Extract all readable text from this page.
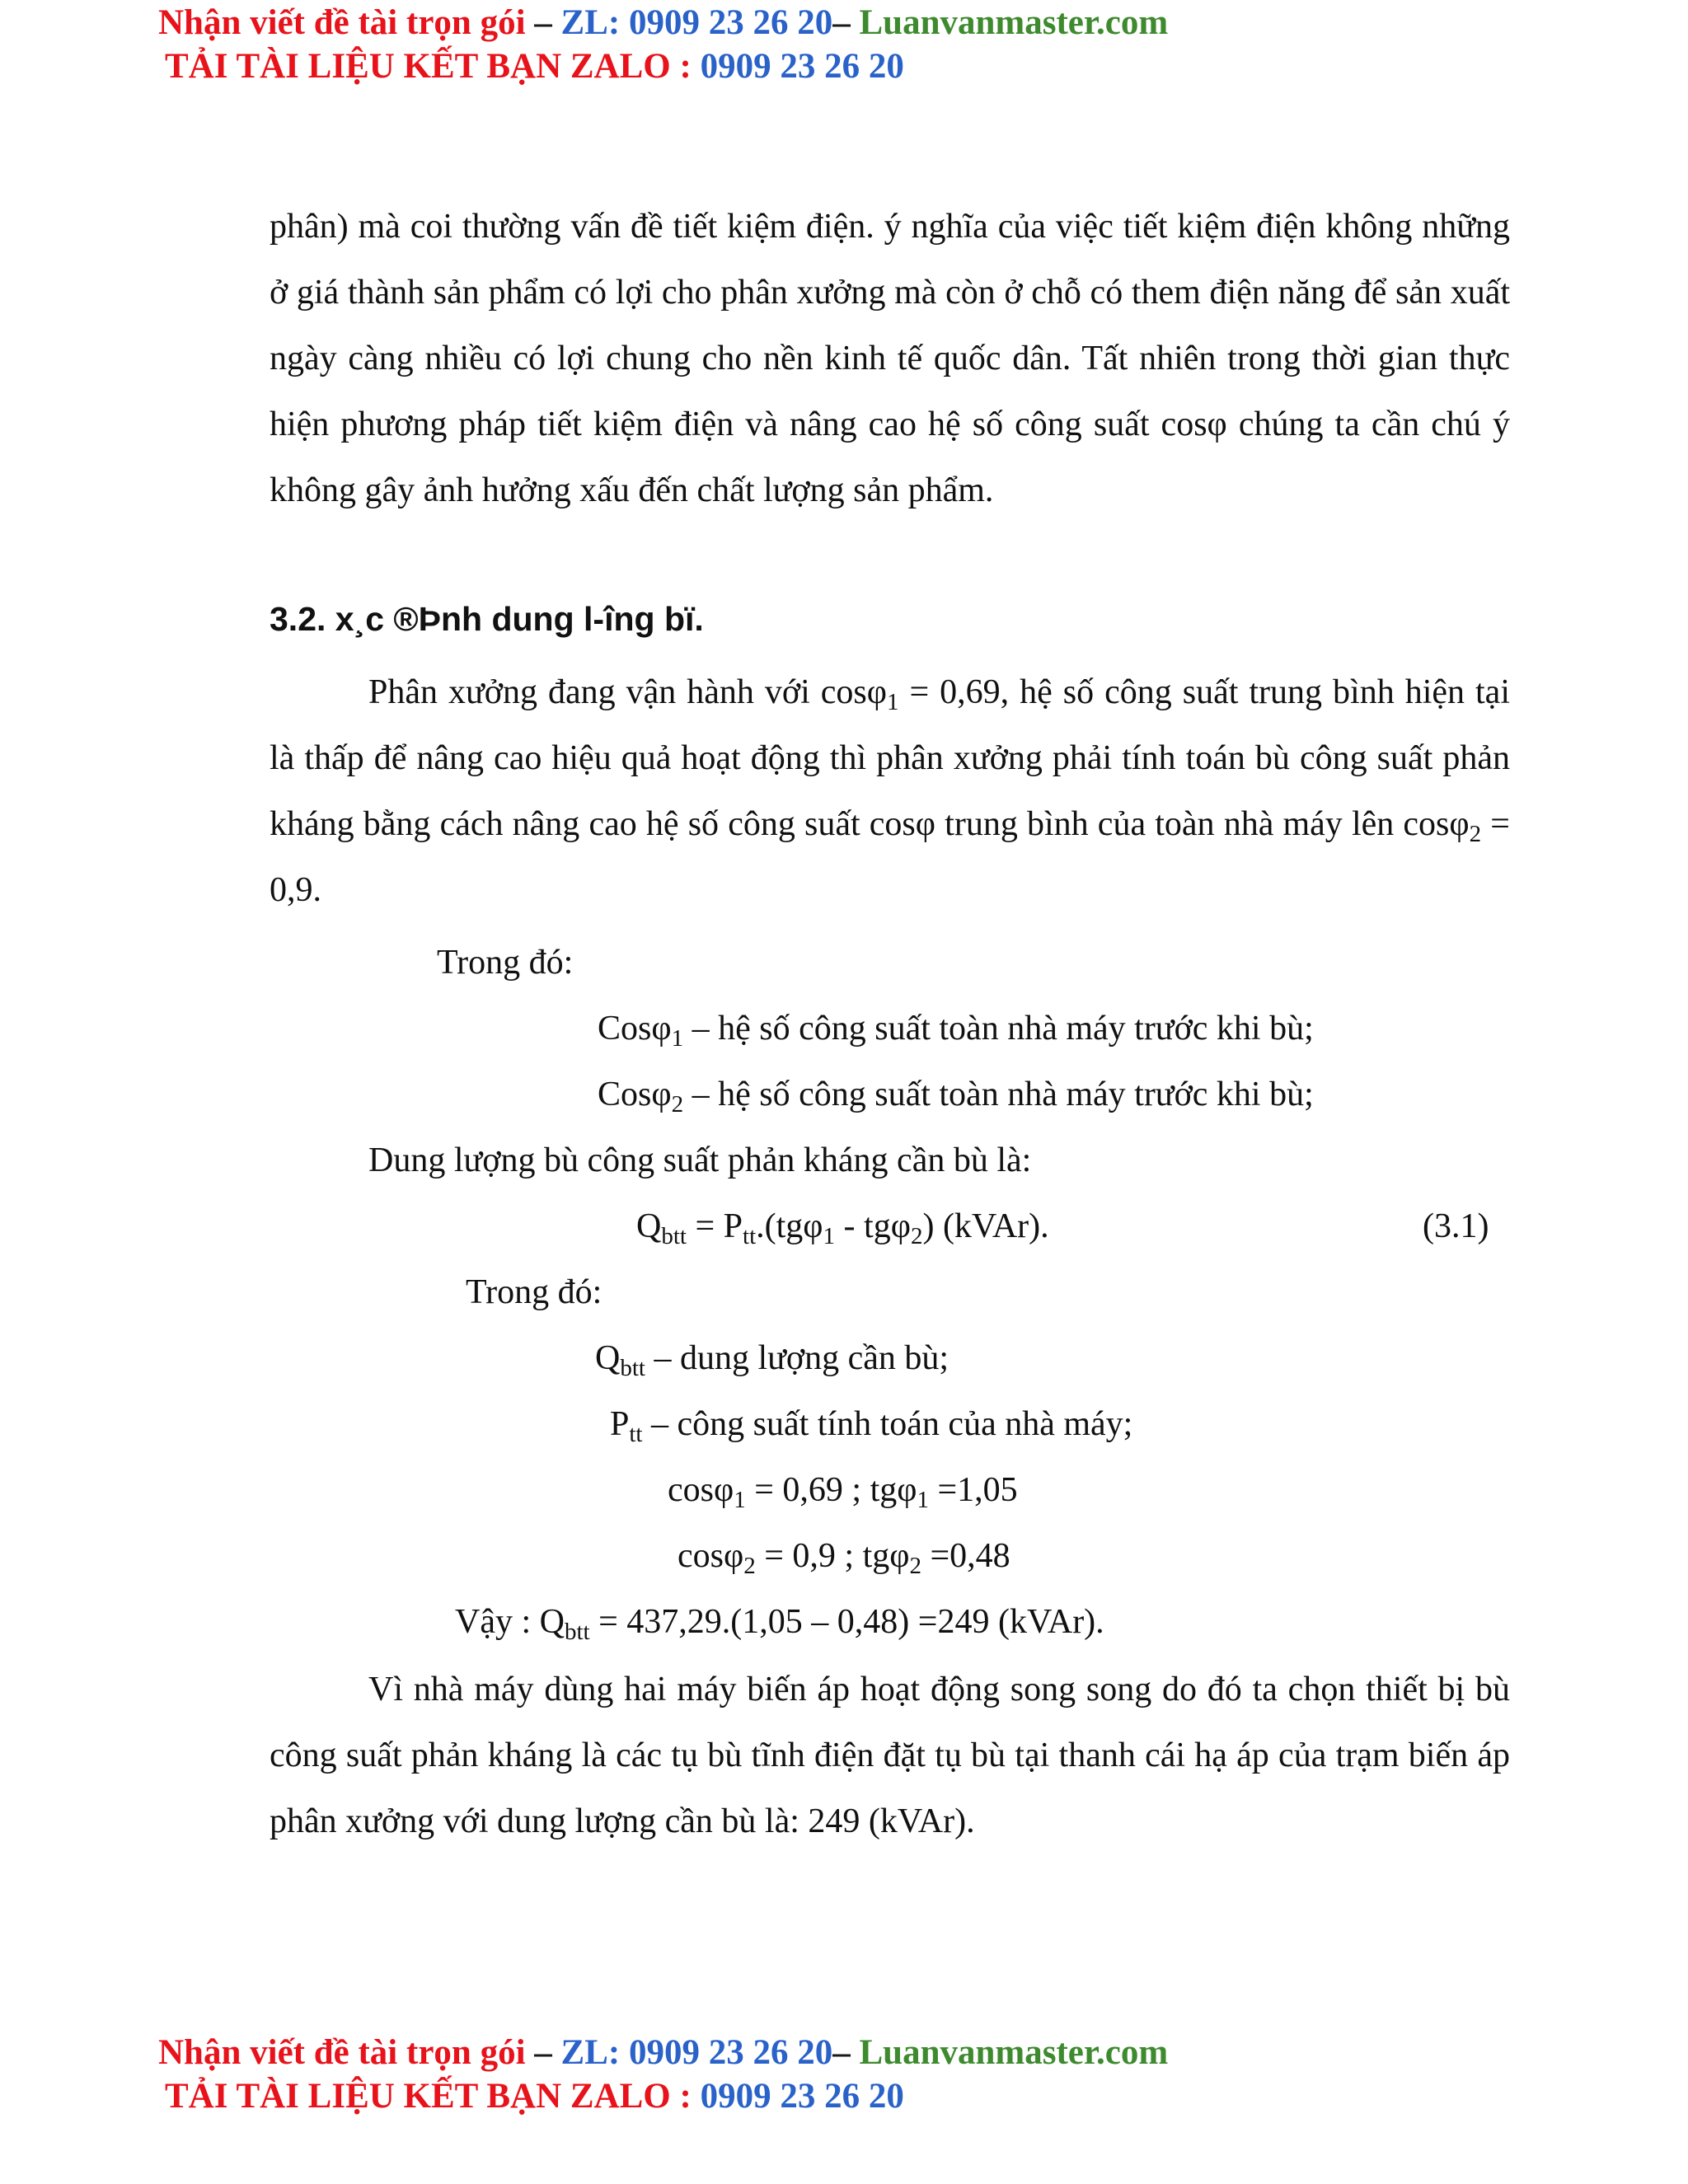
Nhận viết đề tài trọn gói – ZL: 0909 23 26 20– Luanvanmaster.com
TẢI TÀI LIỆU KẾT BẠN ZALO : 0909 23 26 20

phân) mà coi thường vấn đề tiết kiệm điện. ý nghĩa của việc tiết kiệm điện không những ở giá thành sản phẩm có lợi cho phân xưởng mà còn ở chỗ có them điện năng để sản xuất ngày càng nhiều có lợi chung cho nền kinh tế quốc dân. Tất nhiên trong thời gian thực hiện phương pháp tiết kiệm điện và nâng cao hệ số công suất cosφ chúng ta cần chú ý không gây ảnh hưởng xấu đến chất lượng sản phẩm.

3.2. x¸c ®Þnh dung l-îng bï.

Phân xưởng đang vận hành với cosφ$_1$ = 0,69, hệ số công suất trung bình hiện tại là thấp để nâng cao hiệu quả hoạt động thì phân xưởng phải tính toán bù công suất phản kháng bằng cách nâng cao hệ số công suất cosφ trung bình của toàn nhà máy lên cosφ$_2$ = 0,9.

Trong đó:
Cosφ$_1$ – hệ số công suất toàn nhà máy trước khi bù;
Cosφ$_2$ – hệ số công suất toàn nhà máy trước khi bù;
Dung lượng bù công suất phản kháng cần bù là:
$Q_{btt} = P_{tt}.(tg\varphi_1 - tg\varphi_2)$ (kVAr).	(3.1)
Trong đó:
$Q_{btt}$ – dung lượng cần bù;
$P_{tt}$ – công suất tính toán của nhà máy;
cosφ$_1$ = 0,69 ; tgφ$_1$ =1,05
cosφ$_2$ = 0,9 ; tgφ$_2$ =0,48
Vậy : $Q_{btt} = 437,29.(1,05 - 0,48) =249$ (kVAr).

Vì nhà máy dùng hai máy biến áp hoạt động song song do đó ta chọn thiết bị bù công suất phản kháng là các tụ bù tĩnh điện đặt tụ bù tại thanh cái hạ áp của trạm biến áp phân xưởng với dung lượng cần bù là: 249 (kVAr).

Nhận viết đề tài trọn gói – ZL: 0909 23 26 20– Luanvanmaster.com
TẢI TÀI LIỆU KẾT BẠN ZALO : 0909 23 26 20
